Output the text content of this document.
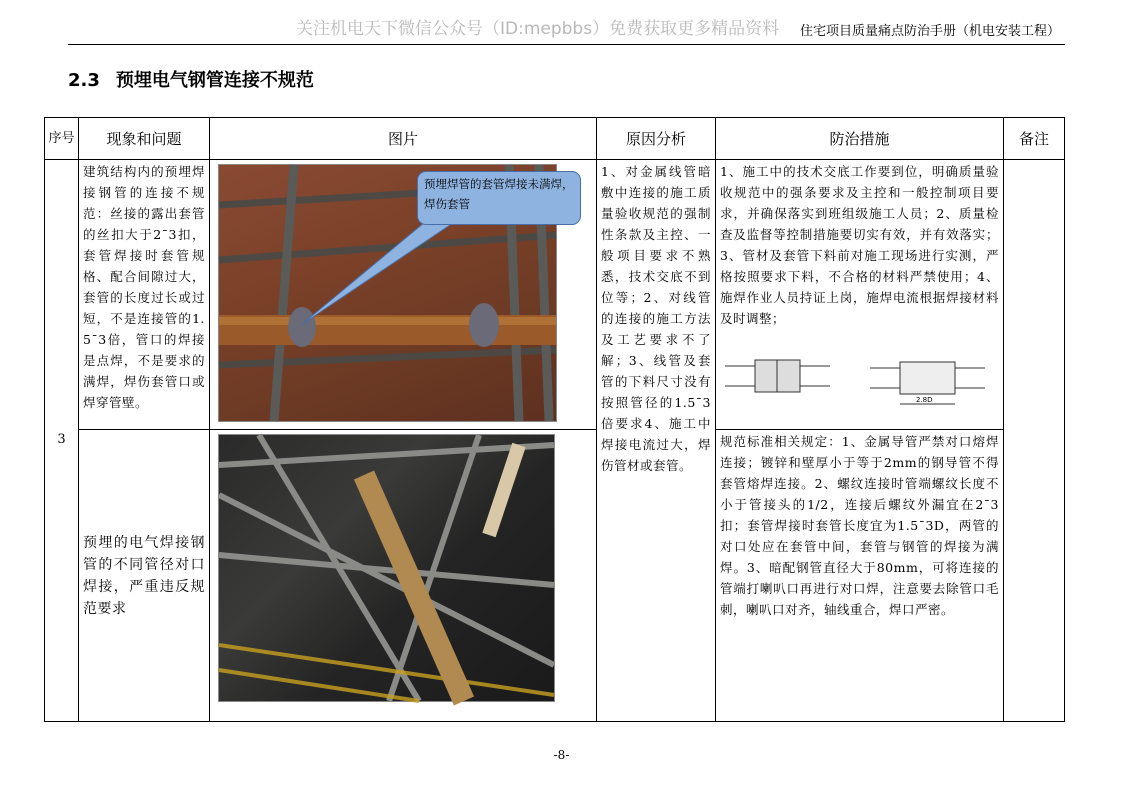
关注机电天下微信公众号（ID:mepbbs）免费获取更多精品资料 住宅项目质量痛点防治手册（机电安装工程）
2.3 预埋电气钢管连接不规范
序号	现象和问题	图片	原因分析	防治措施	备注
3	建筑结构内的预埋焊接钢管的连接不规范：丝接的露出套管的丝扣大于2¯3扣，套管焊接时套管规格、配合间隙过大，套管的长度过长或过短，不是连接管的1.5¯3倍，管口的焊接是点焊，不是要求的满焊，焊伤套管口或焊穿管壁。	预埋焊管的套管焊接未满焊，焊伤套管	1、对金属线管暗敷中连接的施工质量验收规范的强制性条款及主控、一般项目要求不熟悉，技术交底不到位等；2、对线管的连接的施工方法及工艺要求不了解；3、线管及套管的下料尺寸没有按照管径的1.5¯3倍要求4、施工中焊接电流过大，焊伤管材或套管。	1、施工中的技术交底工作要到位，明确质量验收规范中的强条要求及主控和一般控制项目要求，并确保落实到班组级施工人员；2、质量检查及监督等控制措施要切实有效，并有效落实；3、管材及套管下料前对施工现场进行实测，严格按照要求下料，不合格的材料严禁使用；4、施焊作业人员持证上岗，施焊电流根据焊接材料及时调整；
2.8D	

	预埋的电气焊接钢管的不同管径对口焊接，严重违反规范要求			规范标准相关规定：1、金属导管严禁对口熔焊连接；镀锌和壁厚小于等于2mm的钢导管不得套管熔焊连接。2、螺纹连接时管端螺纹长度不小于管接头的1/2，连接后螺纹外漏宜在2¯3扣；套管焊接时套管长度宜为1.5¯3D，两管的对口处应在套管中间，套管与钢管的焊接为满焊。3、暗配钢管直径大于80mm，可将连接的管端打喇叭口再进行对口焊，注意要去除管口毛刺，喇叭口对齐，轴线重合，焊口严密。	
-8-
